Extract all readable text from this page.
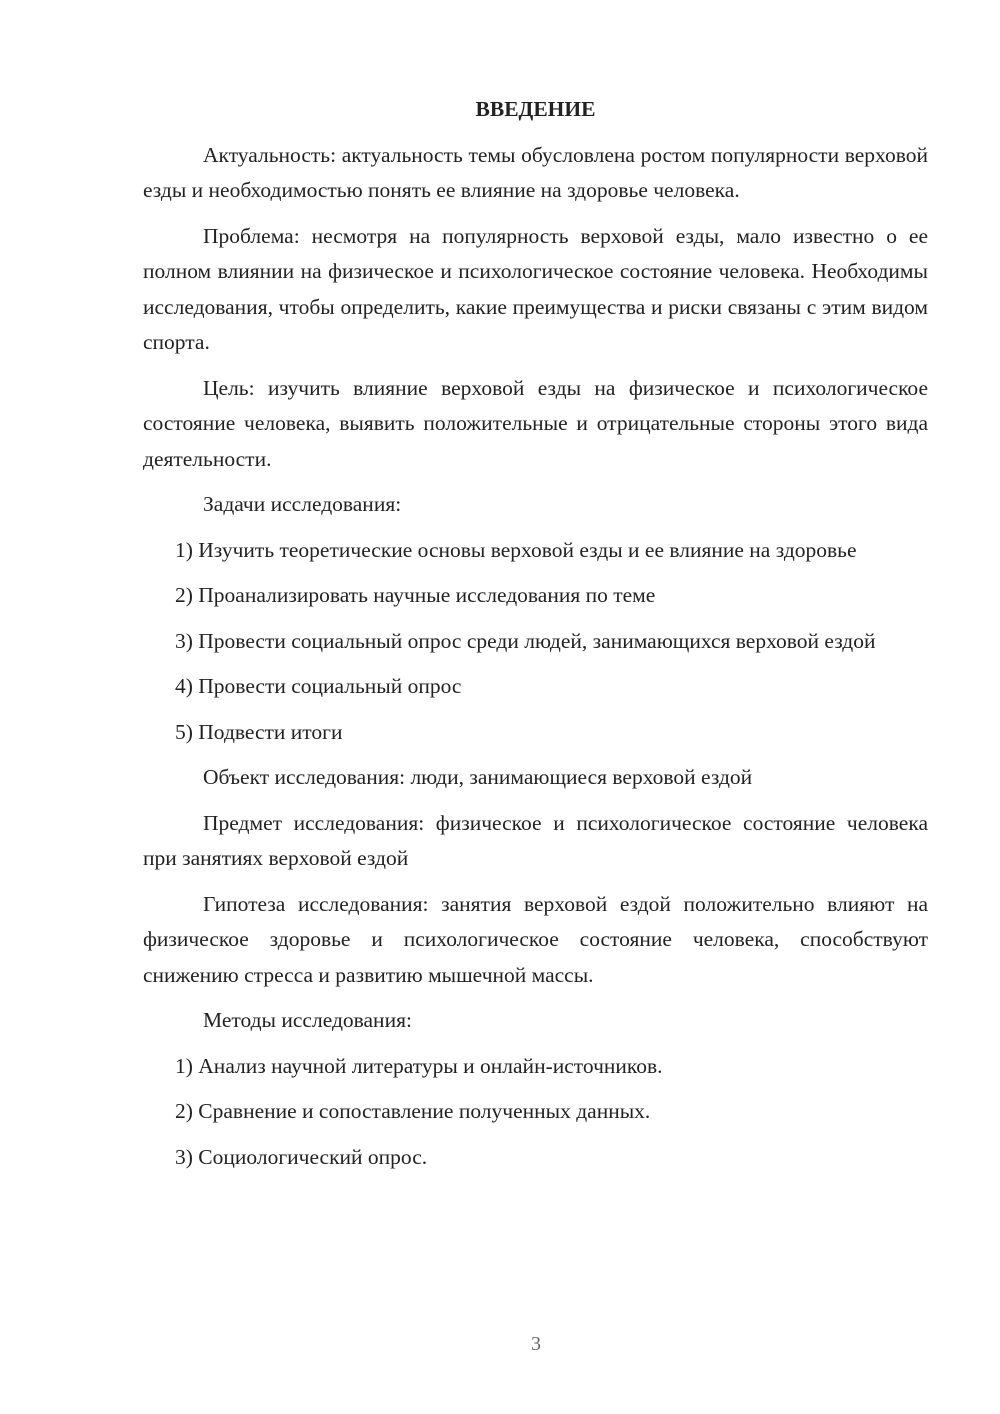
ВВЕДЕНИЕ
Актуальность: актуальность темы обусловлена ростом популярности верховой езды и необходимостью понять ее влияние на здоровье человека.
Проблема: несмотря на популярность верховой езды, мало известно о ее полном влиянии на физическое и психологическое состояние человека. Необходимы исследования, чтобы определить, какие преимущества и риски связаны с этим видом спорта.
Цель: изучить влияние верховой езды на физическое и психологическое состояние человека, выявить положительные и отрицательные стороны этого вида деятельности.
Задачи исследования:
1) Изучить теоретические основы верховой езды и ее влияние на здоровье
2) Проанализировать научные исследования по теме
3) Провести социальный опрос среди людей, занимающихся верховой ездой
4) Провести социальный опрос
5) Подвести итоги
Объект исследования: люди, занимающиеся верховой ездой
Предмет исследования: физическое и психологическое состояние человека при занятиях верховой ездой
Гипотеза исследования: занятия верховой ездой положительно влияют на физическое здоровье и психологическое состояние человека, способствуют снижению стресса и развитию мышечной массы.
Методы исследования:
1) Анализ научной литературы и онлайн-источников.
2) Сравнение и сопоставление полученных данных.
3) Социологический опрос.
3
